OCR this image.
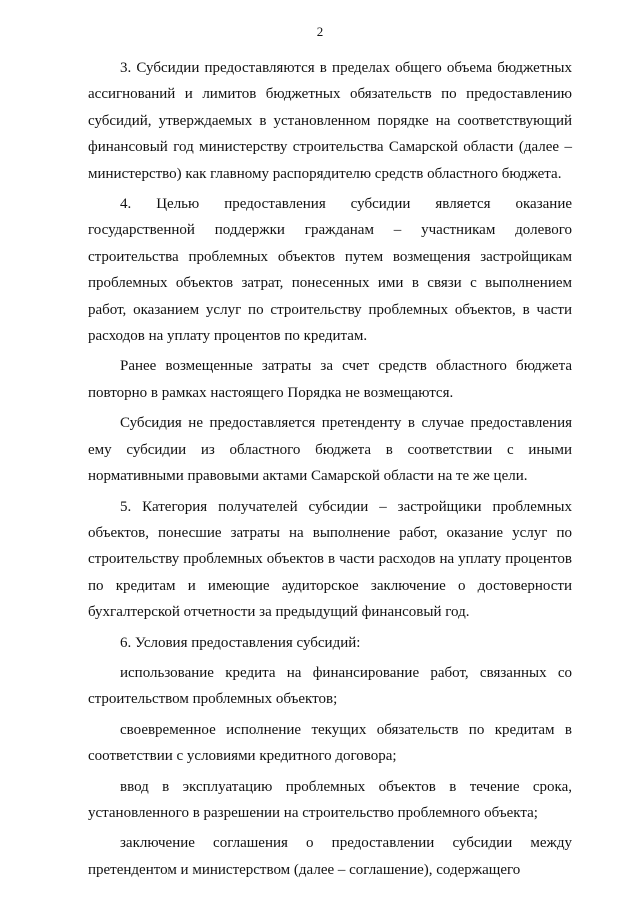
2

3. Субсидии предоставляются в пределах общего объема бюджетных ассигнований и лимитов бюджетных обязательств по предоставлению субсидий, утверждаемых в установленном порядке на соответствующий финансовый год министерству строительства Самарской области (далее – министерство) как главному распорядителю средств областного бюджета.

4. Целью предоставления субсидии является оказание государственной поддержки гражданам – участникам долевого строительства проблемных объектов путем возмещения застройщикам проблемных объектов затрат, понесенных ими в связи с выполнением работ, оказанием услуг по строительству проблемных объектов, в части расходов на уплату процентов по кредитам.

Ранее возмещенные затраты за счет средств областного бюджета повторно в рамках настоящего Порядка не возмещаются.

Субсидия не предоставляется претенденту в случае предоставления ему субсидии из областного бюджета в соответствии с иными нормативными правовыми актами Самарской области на те же цели.

5. Категория получателей субсидии – застройщики проблемных объектов, понесшие затраты на выполнение работ, оказание услуг по строительству проблемных объектов в части расходов на уплату процентов по кредитам и имеющие аудиторское заключение о достоверности бухгалтерской отчетности за предыдущий финансовый год.

6. Условия предоставления субсидий:

использование кредита на финансирование работ, связанных со строительством проблемных объектов;

своевременное исполнение текущих обязательств по кредитам в соответствии с условиями кредитного договора;

ввод в эксплуатацию проблемных объектов в течение срока, установленного в разрешении на строительство проблемного объекта;

заключение соглашения о предоставлении субсидии между претендентом и министерством (далее – соглашение), содержащего
